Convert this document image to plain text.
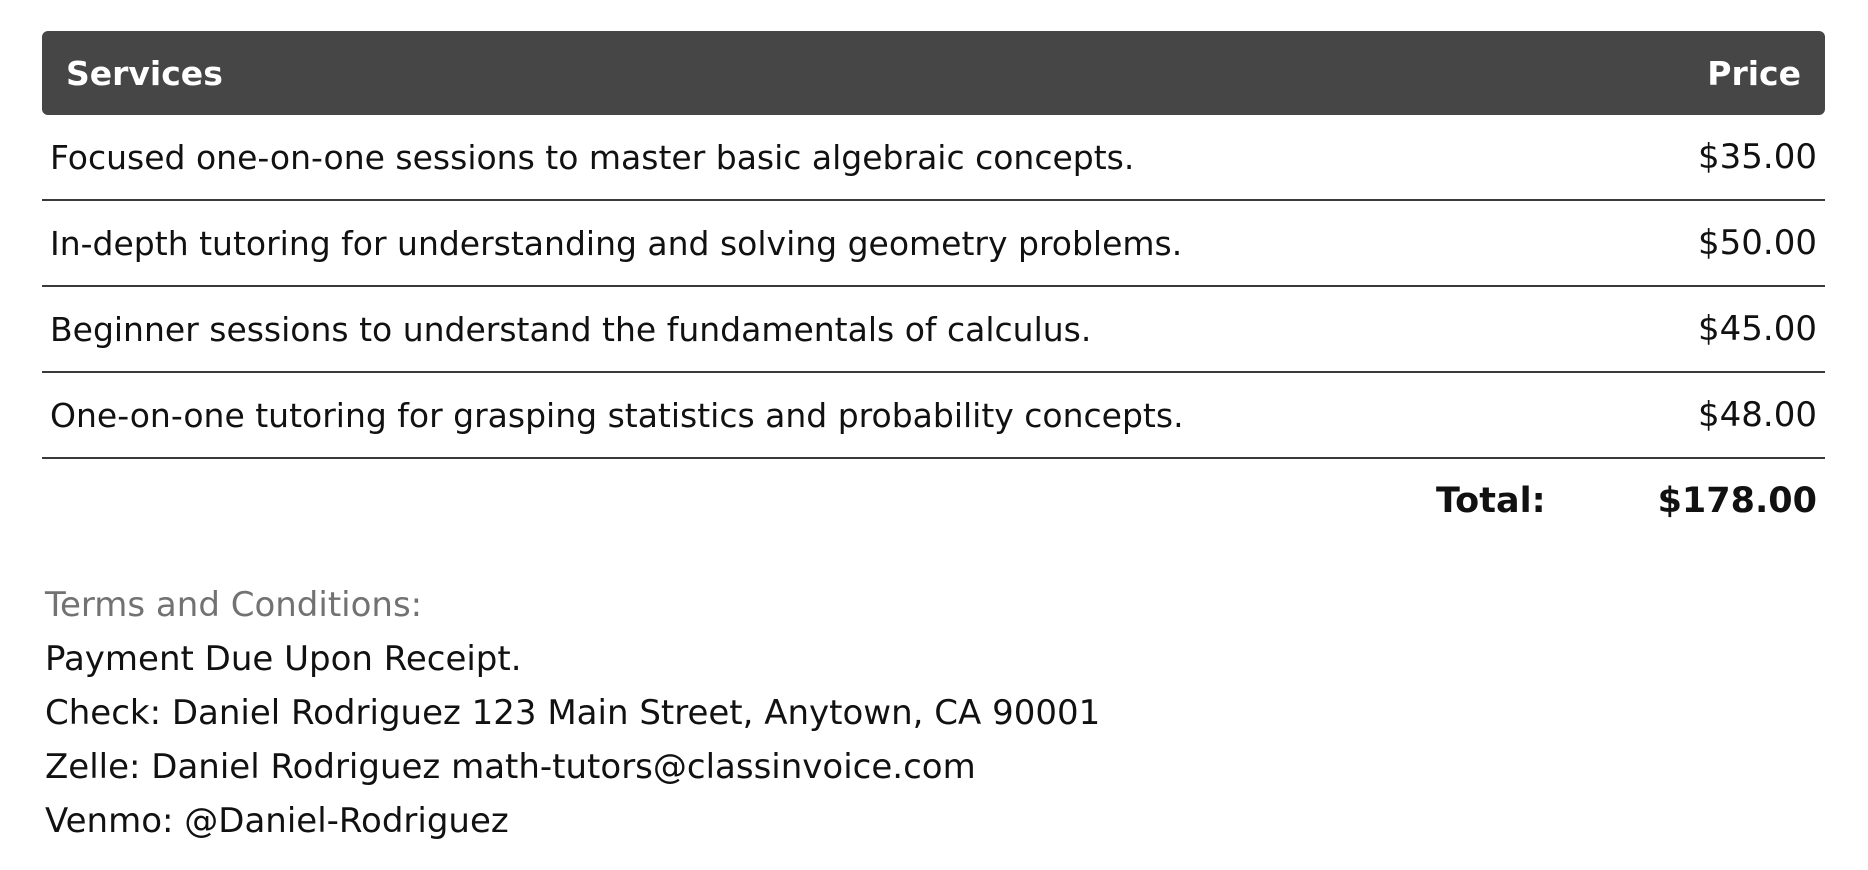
Services	Price
Focused one-on-one sessions to master basic algebraic concepts.	$35.00
In-depth tutoring for understanding and solving geometry problems.	$50.00
Beginner sessions to understand the fundamentals of calculus.	$45.00
One-on-one tutoring for grasping statistics and probability concepts.	$48.00
Total:	$178.00
Terms and Conditions:
Payment Due Upon Receipt.
Check: Daniel Rodriguez 123 Main Street, Anytown, CA 90001
Zelle: Daniel Rodriguez math-tutors@classinvoice.com
Venmo: @Daniel-Rodriguez
